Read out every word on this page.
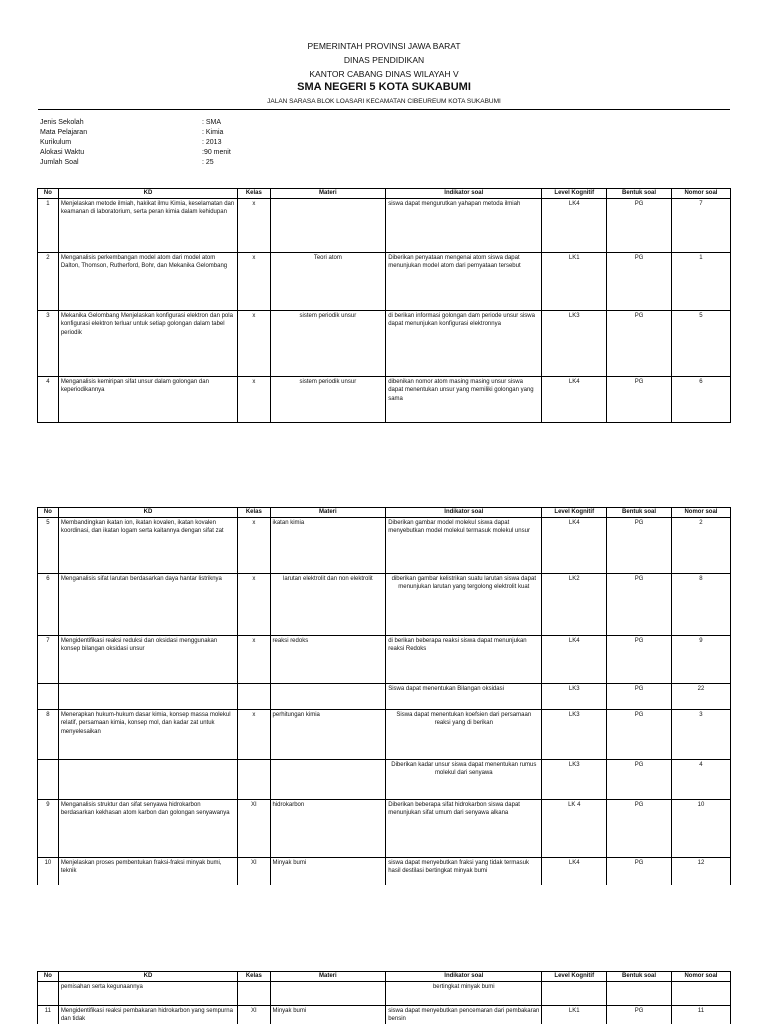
PEMERINTAH PROVINSI JAWA BARAT
DINAS PENDIDIKAN
KANTOR CABANG DINAS WILAYAH V
SMA NEGERI 5 KOTA SUKABUMI
JALAN SARASA BLOK LOASARI KECAMATAN CIBEUREUM KOTA SUKABUMI
Jenis Sekolah	: SMA
Mata Pelajaran	: Kimia
Kurikulum	: 2013
Alokasi Waktu	:90 menit
Jumlah Soal	: 25
No	KD	Kelas	Materi	Indikator soal	Level Kognitif	Bentuk soal	Nomor soal
1	Menjelaskan metode ilmiah, hakikat ilmu Kimia, keselamatan dan keamanan di laboratorium, serta peran kimia dalam kehidupan	x		siswa dapat mengurutkan yahapan metoda ilmiah	LK4	PG	7
2	Menganalisis perkembangan model atom dari model atom Dalton, Thomson, Rutherford, Bohr, dan Mekanika Gelombang	x	Teori atom	Diberikan penyataan mengenai atom siswa dapat menunjukan model atom dari pernyataan tersebut	LK1	PG	1
3	Mekanika Gelombang Menjelaskan konfigurasi elektron dan pola konfigurasi elektron terluar untuk setiap golongan dalam tabel periodik	x	sistem periodik unsur	di berikan informasi golongan dam periode unsur siswa dapat menunjukan konfigurasi elektronnya	LK3	PG	5
4	Menganalisis kemiripan sifat unsur dalam golongan dan keperiodikannya	x	sistem periodik unsur	dibenikan nomor atom masing masing unsur siswa dapat menentukan unsur yang memiliki golongan yang sama	LK4	PG	6
No	KD	Kelas	Materi	Indikator soal	Level Kognitif	Bentuk soal	Nomor soal
5	Membandingkan ikatan ion, ikatan kovalen, ikatan kovalen koordinasi, dan ikatan logam serta kaitannya dengan sifat zat	x	ikatan kimia	Diberikan gambar model molekul siswa dapat menyebutkan model molekul termasuk molekul unsur	LK4	PG	2
6	Menganalisis sifat larutan berdasarkan daya hantar listriknya	x	larutan elektrolit dan non elektrolit	diberikan gambar kelistrikan suatu larutan siswa dapat menunjukan larutan yang tergolong elektrolit kuat	LK2	PG	8
7	Mengidentifikasi reaksi reduksi dan oksidasi menggunakan konsep bilangan oksidasi unsur	x	reaksi redoks	di berikan beberapa reaksi siswa dapat menunjukan reaksi Redoks	LK4	PG	9
				Siswa dapat menentukan Bilangan oksidasi	LK3	PG	22
8	Menerapkan hukum-hukum dasar kimia, konsep massa molekul relatif, persamaan kimia, konsep mol, dan kadar zat untuk menyelesaikan	x	perhitungan kimia	Siswa dapat menentukan koefsien dari persamaan reaksi yang di berikan	LK3	PG	3
				Diberikan kadar unsur siswa dapat menentukan rumus molekul dari senyawa	LK3	PG	4
9	Menganalisis struktur dan sifat senyawa hidrokarbon berdasarkan kekhasan atom karbon dan golongan senyawanya	XI	hidrokarbon	Diberikan beberapa sifat hidrokarbon siswa dapat menunjukan sifat umum dari senyawa alkana	LK 4	PG	10
10	Menjelaskan proses pembentukan fraksi-fraksi minyak bumi, teknik	XI	Minyak bumi	siswa dapat menyebutkan fraksi yang tidak termasuk hasil destilasi bertingkat minyak bumi	LK4	PG	12
No	KD	Kelas	Materi	Indikator soal	Level Kognitif	Bentuk soal	Nomor soal
	pemisahan serta kegunaannya			bertingkat minyak bumi			
11	Mengidentifikasi reaksi pembakaran hidrokarbon yang sempurna dan tidak	XI	Minyak bumi	siswa dapat menyebutkan pencemaran dari pembakaran bensin	LK1	PG	11
